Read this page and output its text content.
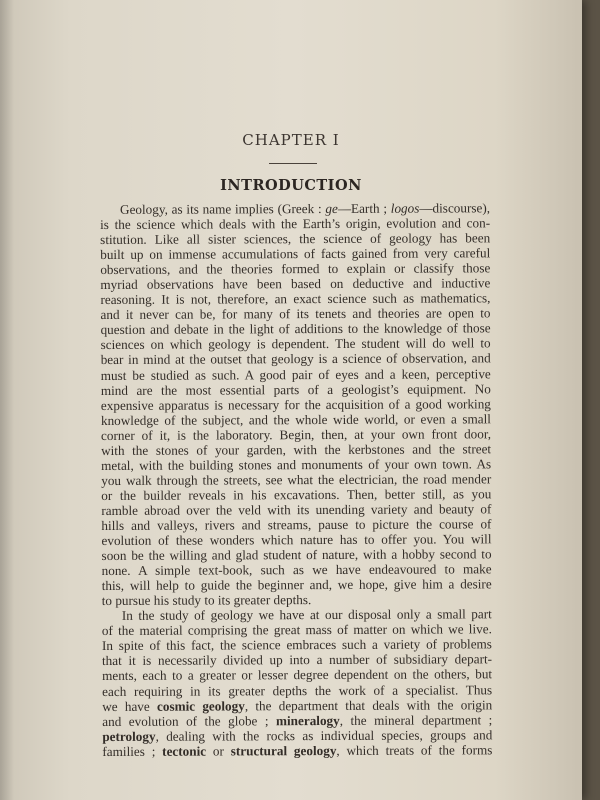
CHAPTER I
INTRODUCTION
Geology, as its name implies (Greek : ge—Earth ; logos—discourse),
is the science which deals with the Earth’s origin, evolution and con-
stitution. Like all sister sciences, the science of geology has been
built up on immense accumulations of facts gained from very careful
observations, and the theories formed to explain or classify those
myriad observations have been based on deductive and inductive
reasoning. It is not, therefore, an exact science such as mathematics,
and it never can be, for many of its tenets and theories are open to
question and debate in the light of additions to the knowledge of those
sciences on which geology is dependent. The student will do well to
bear in mind at the outset that geology is a science of observation, and
must be studied as such. A good pair of eyes and a keen, perceptive
mind are the most essential parts of a geologist’s equipment. No
expensive apparatus is necessary for the acquisition of a good working
knowledge of the subject, and the whole wide world, or even a small
corner of it, is the laboratory. Begin, then, at your own front door,
with the stones of your garden, with the kerbstones and the street
metal, with the building stones and monuments of your own town. As
you walk through the streets, see what the electrician, the road mender
or the builder reveals in his excavations. Then, better still, as you
ramble abroad over the veld with its unending variety and beauty of
hills and valleys, rivers and streams, pause to picture the course of
evolution of these wonders which nature has to offer you. You will
soon be the willing and glad student of nature, with a hobby second to
none. A simple text-book, such as we have endeavoured to make
this, will help to guide the beginner and, we hope, give him a desire
to pursue his study to its greater depths.
In the study of geology we have at our disposal only a small part
of the material comprising the great mass of matter on which we live.
In spite of this fact, the science embraces such a variety of problems
that it is necessarily divided up into a number of subsidiary depart-
ments, each to a greater or lesser degree dependent on the others, but
each requiring in its greater depths the work of a specialist. Thus
we have cosmic geology, the department that deals with the origin
and evolution of the globe ; mineralogy, the mineral department ;
petrology, dealing with the rocks as individual species, groups and
families ; tectonic or structural geology, which treats of the forms
